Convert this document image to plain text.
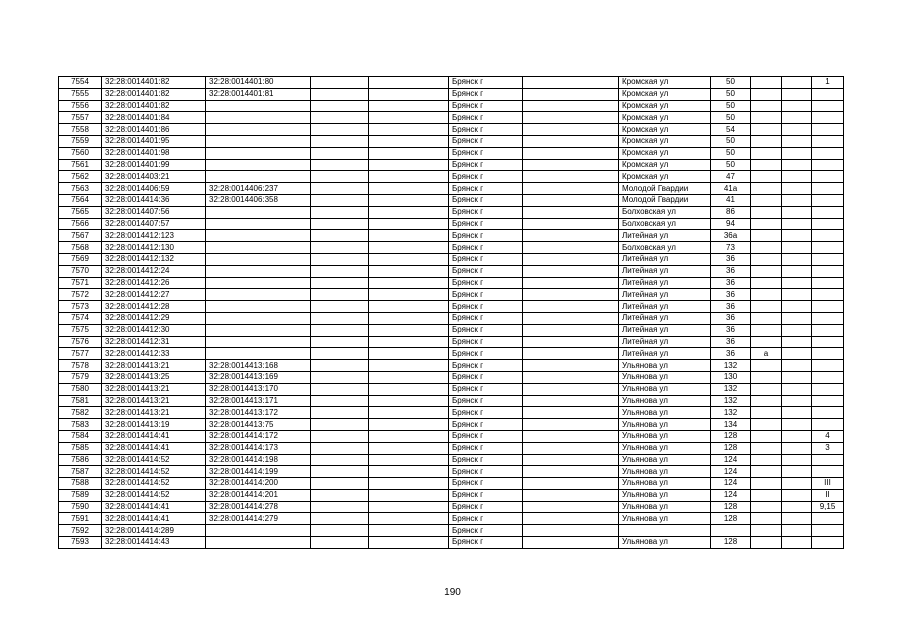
7554	32:28:0014401:82	32:28:0014401:80			Брянск г		Кромская ул	50			1
7555	32:28:0014401:82	32:28:0014401:81			Брянск г		Кромская ул	50			
7556	32:28:0014401:82				Брянск г		Кромская ул	50			
7557	32:28:0014401:84				Брянск г		Кромская ул	50			
7558	32:28:0014401:86				Брянск г		Кромская ул	54			
7559	32:28:0014401:95				Брянск г		Кромская ул	50			
7560	32:28:0014401:98				Брянск г		Кромская ул	50			
7561	32:28:0014401:99				Брянск г		Кромская ул	50			
7562	32:28:0014403:21				Брянск г		Кромская ул	47			
7563	32:28:0014406:59	32:28:0014406:237			Брянск г		Молодой Гвардии	41а			
7564	32:28:0014414:36	32:28:0014406:358			Брянск г		Молодой Гвардии	41			
7565	32:28:0014407:56				Брянск г		Болховская ул	86			
7566	32:28:0014407:57				Брянск г		Болховская ул	94			
7567	32:28:0014412:123				Брянск г		Литейная ул	36а			
7568	32:28:0014412:130				Брянск г		Болховская ул	73			
7569	32:28:0014412:132				Брянск г		Литейная ул	36			
7570	32:28:0014412:24				Брянск г		Литейная ул	36			
7571	32:28:0014412:26				Брянск г		Литейная ул	36			
7572	32:28:0014412:27				Брянск г		Литейная ул	36			
7573	32:28:0014412:28				Брянск г		Литейная ул	36			
7574	32:28:0014412:29				Брянск г		Литейная ул	36			
7575	32:28:0014412:30				Брянск г		Литейная ул	36			
7576	32:28:0014412:31				Брянск г		Литейная ул	36			
7577	32:28:0014412:33				Брянск г		Литейная ул	36	а		
7578	32:28:0014413:21	32:28:0014413:168			Брянск г		Ульянова ул	132			
7579	32:28:0014413:25	32:28:0014413:169			Брянск г		Ульянова ул	130			
7580	32:28:0014413:21	32:28:0014413:170			Брянск г		Ульянова ул	132			
7581	32:28:0014413:21	32:28:0014413:171			Брянск г		Ульянова ул	132			
7582	32:28:0014413:21	32:28:0014413:172			Брянск г		Ульянова ул	132			
7583	32:28:0014413:19	32:28:0014413:75			Брянск г		Ульянова ул	134			
7584	32:28:0014414:41	32:28:0014414:172			Брянск г		Ульянова ул	128			4
7585	32:28:0014414:41	32:28:0014414:173			Брянск г		Ульянова ул	128			3
7586	32:28:0014414:52	32:28:0014414:198			Брянск г		Ульянова ул	124			
7587	32:28:0014414:52	32:28:0014414:199			Брянск г		Ульянова ул	124			
7588	32:28:0014414:52	32:28:0014414:200			Брянск г		Ульянова ул	124			III
7589	32:28:0014414:52	32:28:0014414:201			Брянск г		Ульянова ул	124			II
7590	32:28:0014414:41	32:28:0014414:278			Брянск г		Ульянова ул	128			9,15
7591	32:28:0014414:41	32:28:0014414:279			Брянск г		Ульянова ул	128			
7592	32:28:0014414:289				Брянск г						
7593	32:28:0014414:43				Брянск г		Ульянова ул	128			
190
